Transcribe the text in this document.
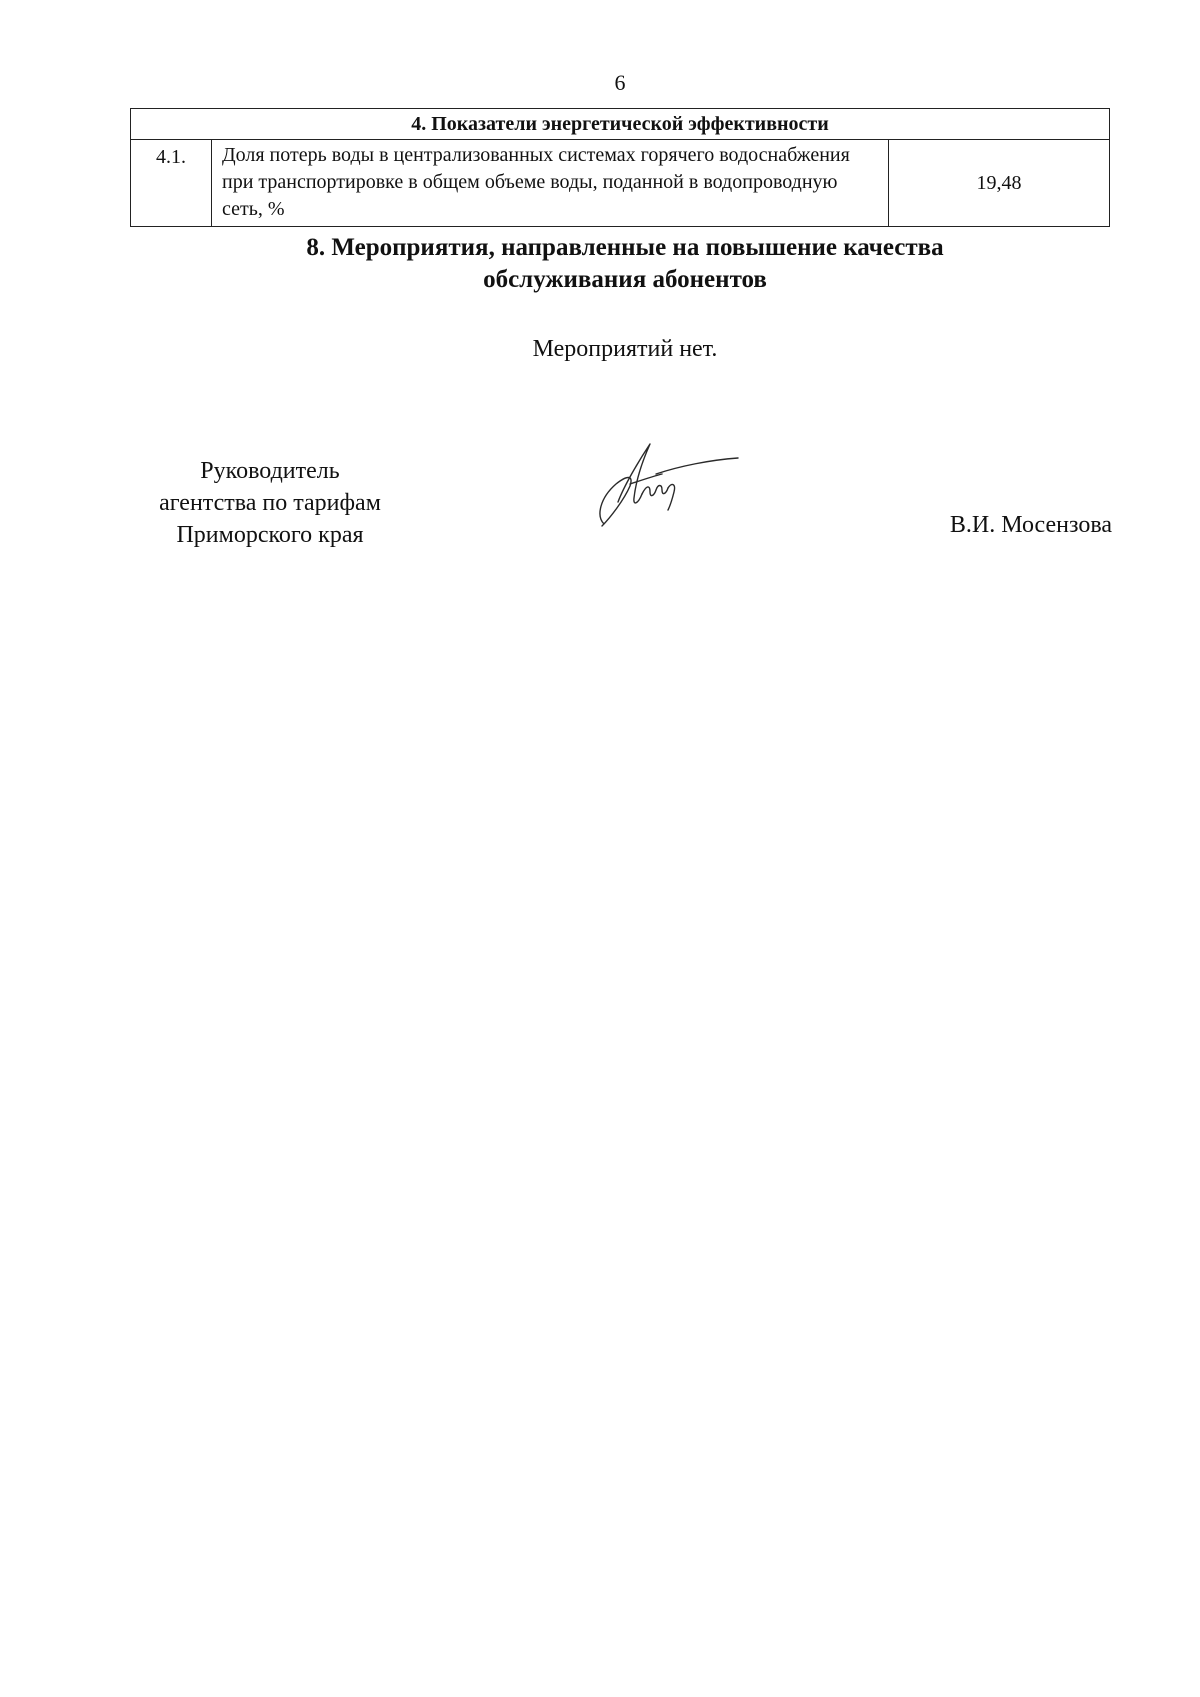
6
4. Показатели энергетической эффективности
4.1.	Доля потерь воды в централизованных системах горячего водоснабжения при транспортировке в общем объеме воды, поданной в водопроводную сеть, %	19,48
8. Мероприятия, направленные на повышение качества
обслуживания абонентов
Мероприятий нет.
Руководитель
агентства по тарифам
Приморского края	В.И. Мосензова
